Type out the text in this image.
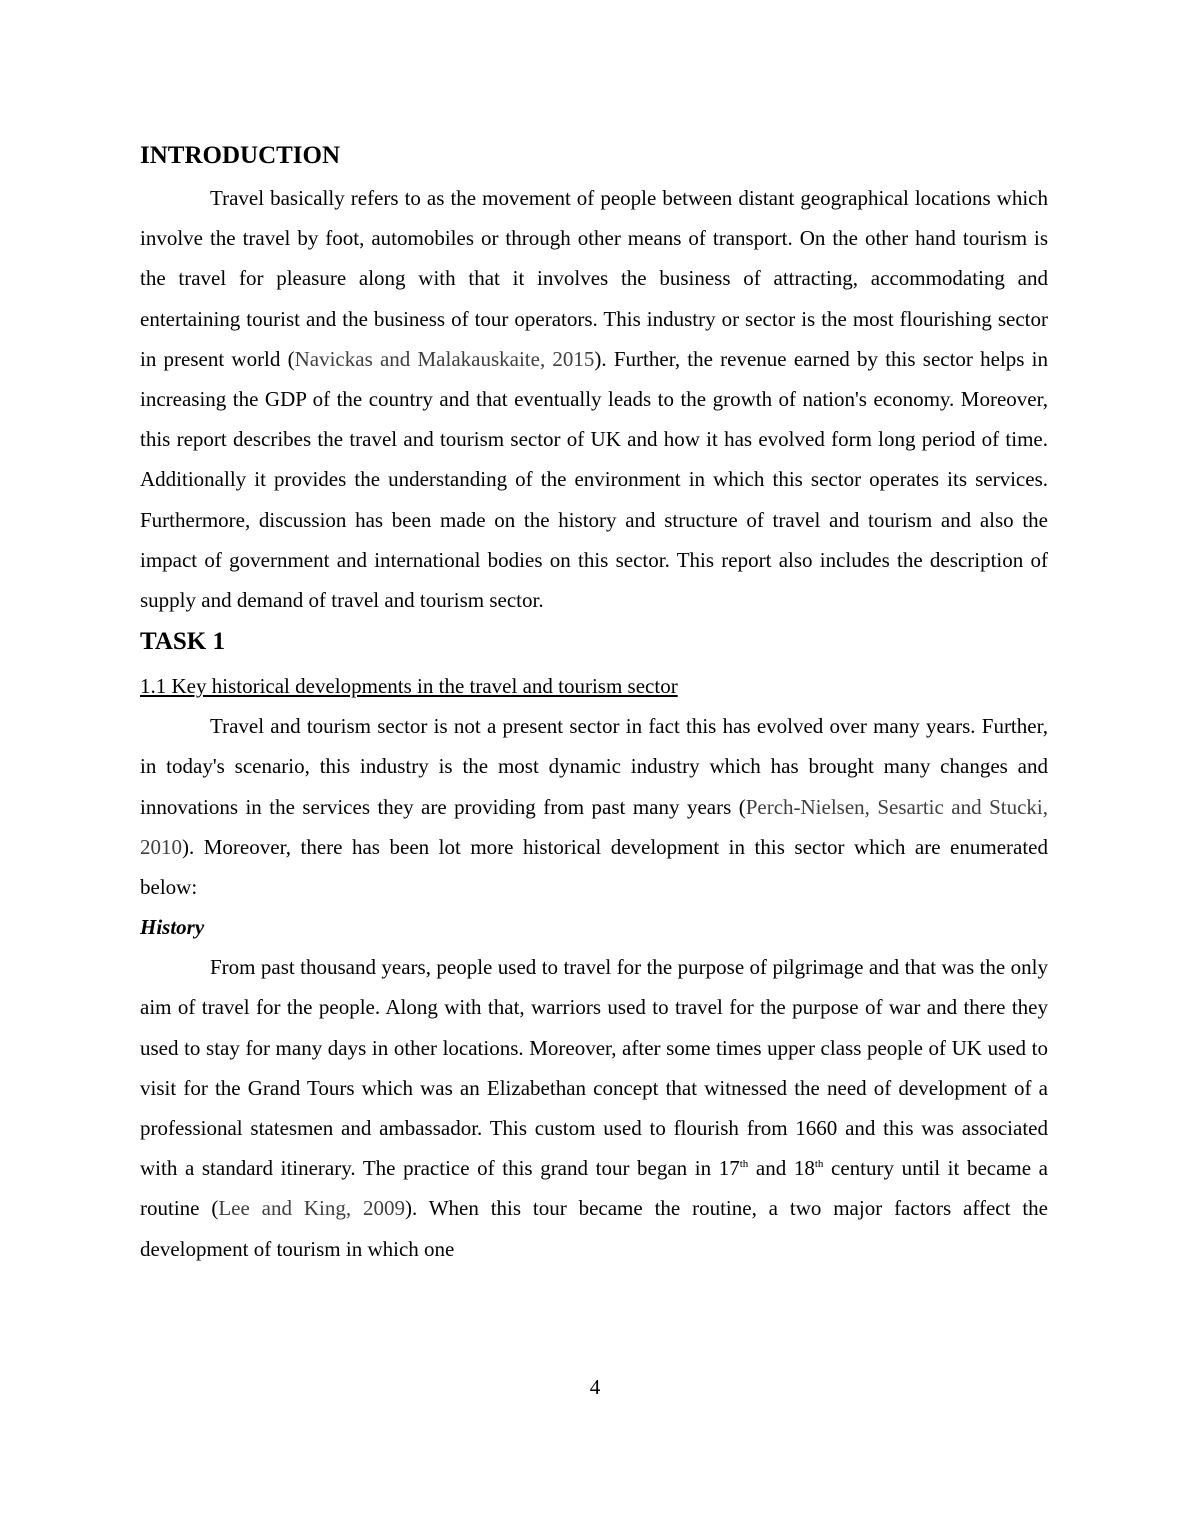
INTRODUCTION

Travel basically refers to as the movement of people between distant geographical locations which involve the travel by foot, automobiles or through other means of transport. On the other hand tourism is the travel for pleasure along with that it involves the business of attracting, accommodating and entertaining tourist and the business of tour operators. This industry or sector is the most flourishing sector in present world (Navickas and Malakauskaite, 2015). Further, the revenue earned by this sector helps in increasing the GDP of the country and that eventually leads to the growth of nation's economy. Moreover, this report describes the travel and tourism sector of UK and how it has evolved form long period of time. Additionally it provides the understanding of the environment in which this sector operates its services. Furthermore, discussion has been made on the history and structure of travel and tourism and also the impact of government and international bodies on this sector. This report also includes the description of supply and demand of travel and tourism sector.

TASK 1

1.1 Key historical developments in the travel and tourism sector

Travel and tourism sector is not a present sector in fact this has evolved over many years. Further, in today's scenario, this industry is the most dynamic industry which has brought many changes and innovations in the services they are providing from past many years (Perch-Nielsen, Sesartic and Stucki, 2010). Moreover, there has been lot more historical development in this sector which are enumerated below:

History

From past thousand years, people used to travel for the purpose of pilgrimage and that was the only aim of travel for the people. Along with that, warriors used to travel for the purpose of war and there they used to stay for many days in other locations. Moreover, after some times upper class people of UK used to visit for the Grand Tours which was an Elizabethan concept that witnessed the need of development of a professional statesmen and ambassador. This custom used to flourish from 1660 and this was associated with a standard itinerary. The practice of this grand tour began in 17th and 18th century until it became a routine (Lee and King, 2009). When this tour became the routine, a two major factors affect the development of tourism in which one

4
